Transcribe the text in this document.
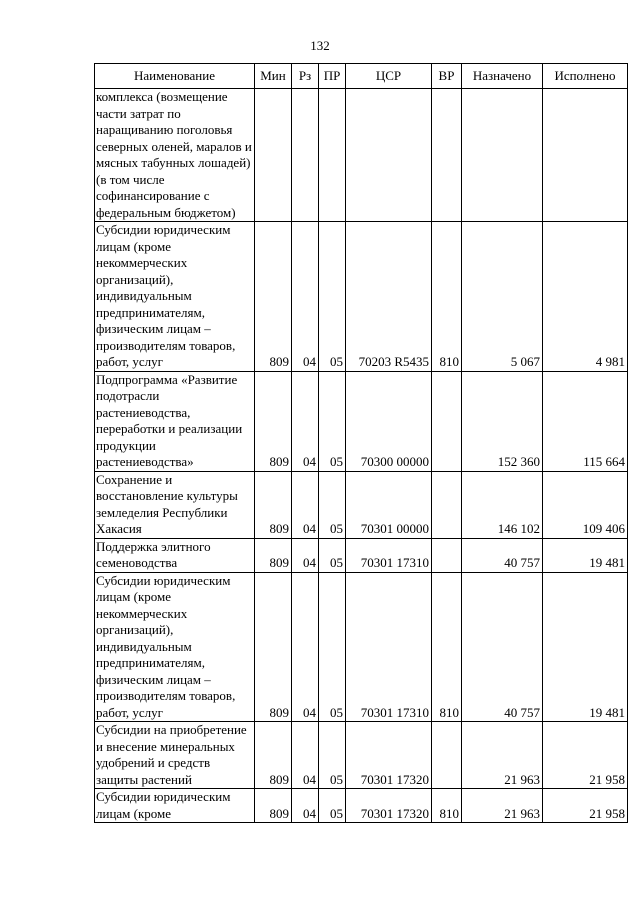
132
Наименование	Мин	Рз	ПР	ЦСР	ВР	Назначено	Исполнено
комплекса (возмещение части затрат по наращиванию поголовья северных оленей, маралов и мясных табунных лошадей) (в том числе софинансирование с федеральным бюджетом)							
Субсидии юридическим лицам (кроме некоммерческих организаций), индивидуальным предпринимателям, физическим лицам – производителям товаров, работ, услуг	809	04	05	70203 R5435	810	5 067	4 981
Подпрограмма «Развитие подотрасли растениеводства, переработки и реализации продукции растениеводства»	809	04	05	70300 00000		152 360	115 664
Сохранение и восстановление культуры земледелия Республики Хакасия	809	04	05	70301 00000		146 102	109 406
Поддержка элитного семеноводства	809	04	05	70301 17310		40 757	19 481
Субсидии юридическим лицам (кроме некоммерческих организаций), индивидуальным предпринимателям, физическим лицам – производителям товаров, работ, услуг	809	04	05	70301 17310	810	40 757	19 481
Субсидии на приобретение и внесение минеральных удобрений и средств защиты растений	809	04	05	70301 17320		21 963	21 958
Субсидии юридическим лицам (кроме	809	04	05	70301 17320	810	21 963	21 958
